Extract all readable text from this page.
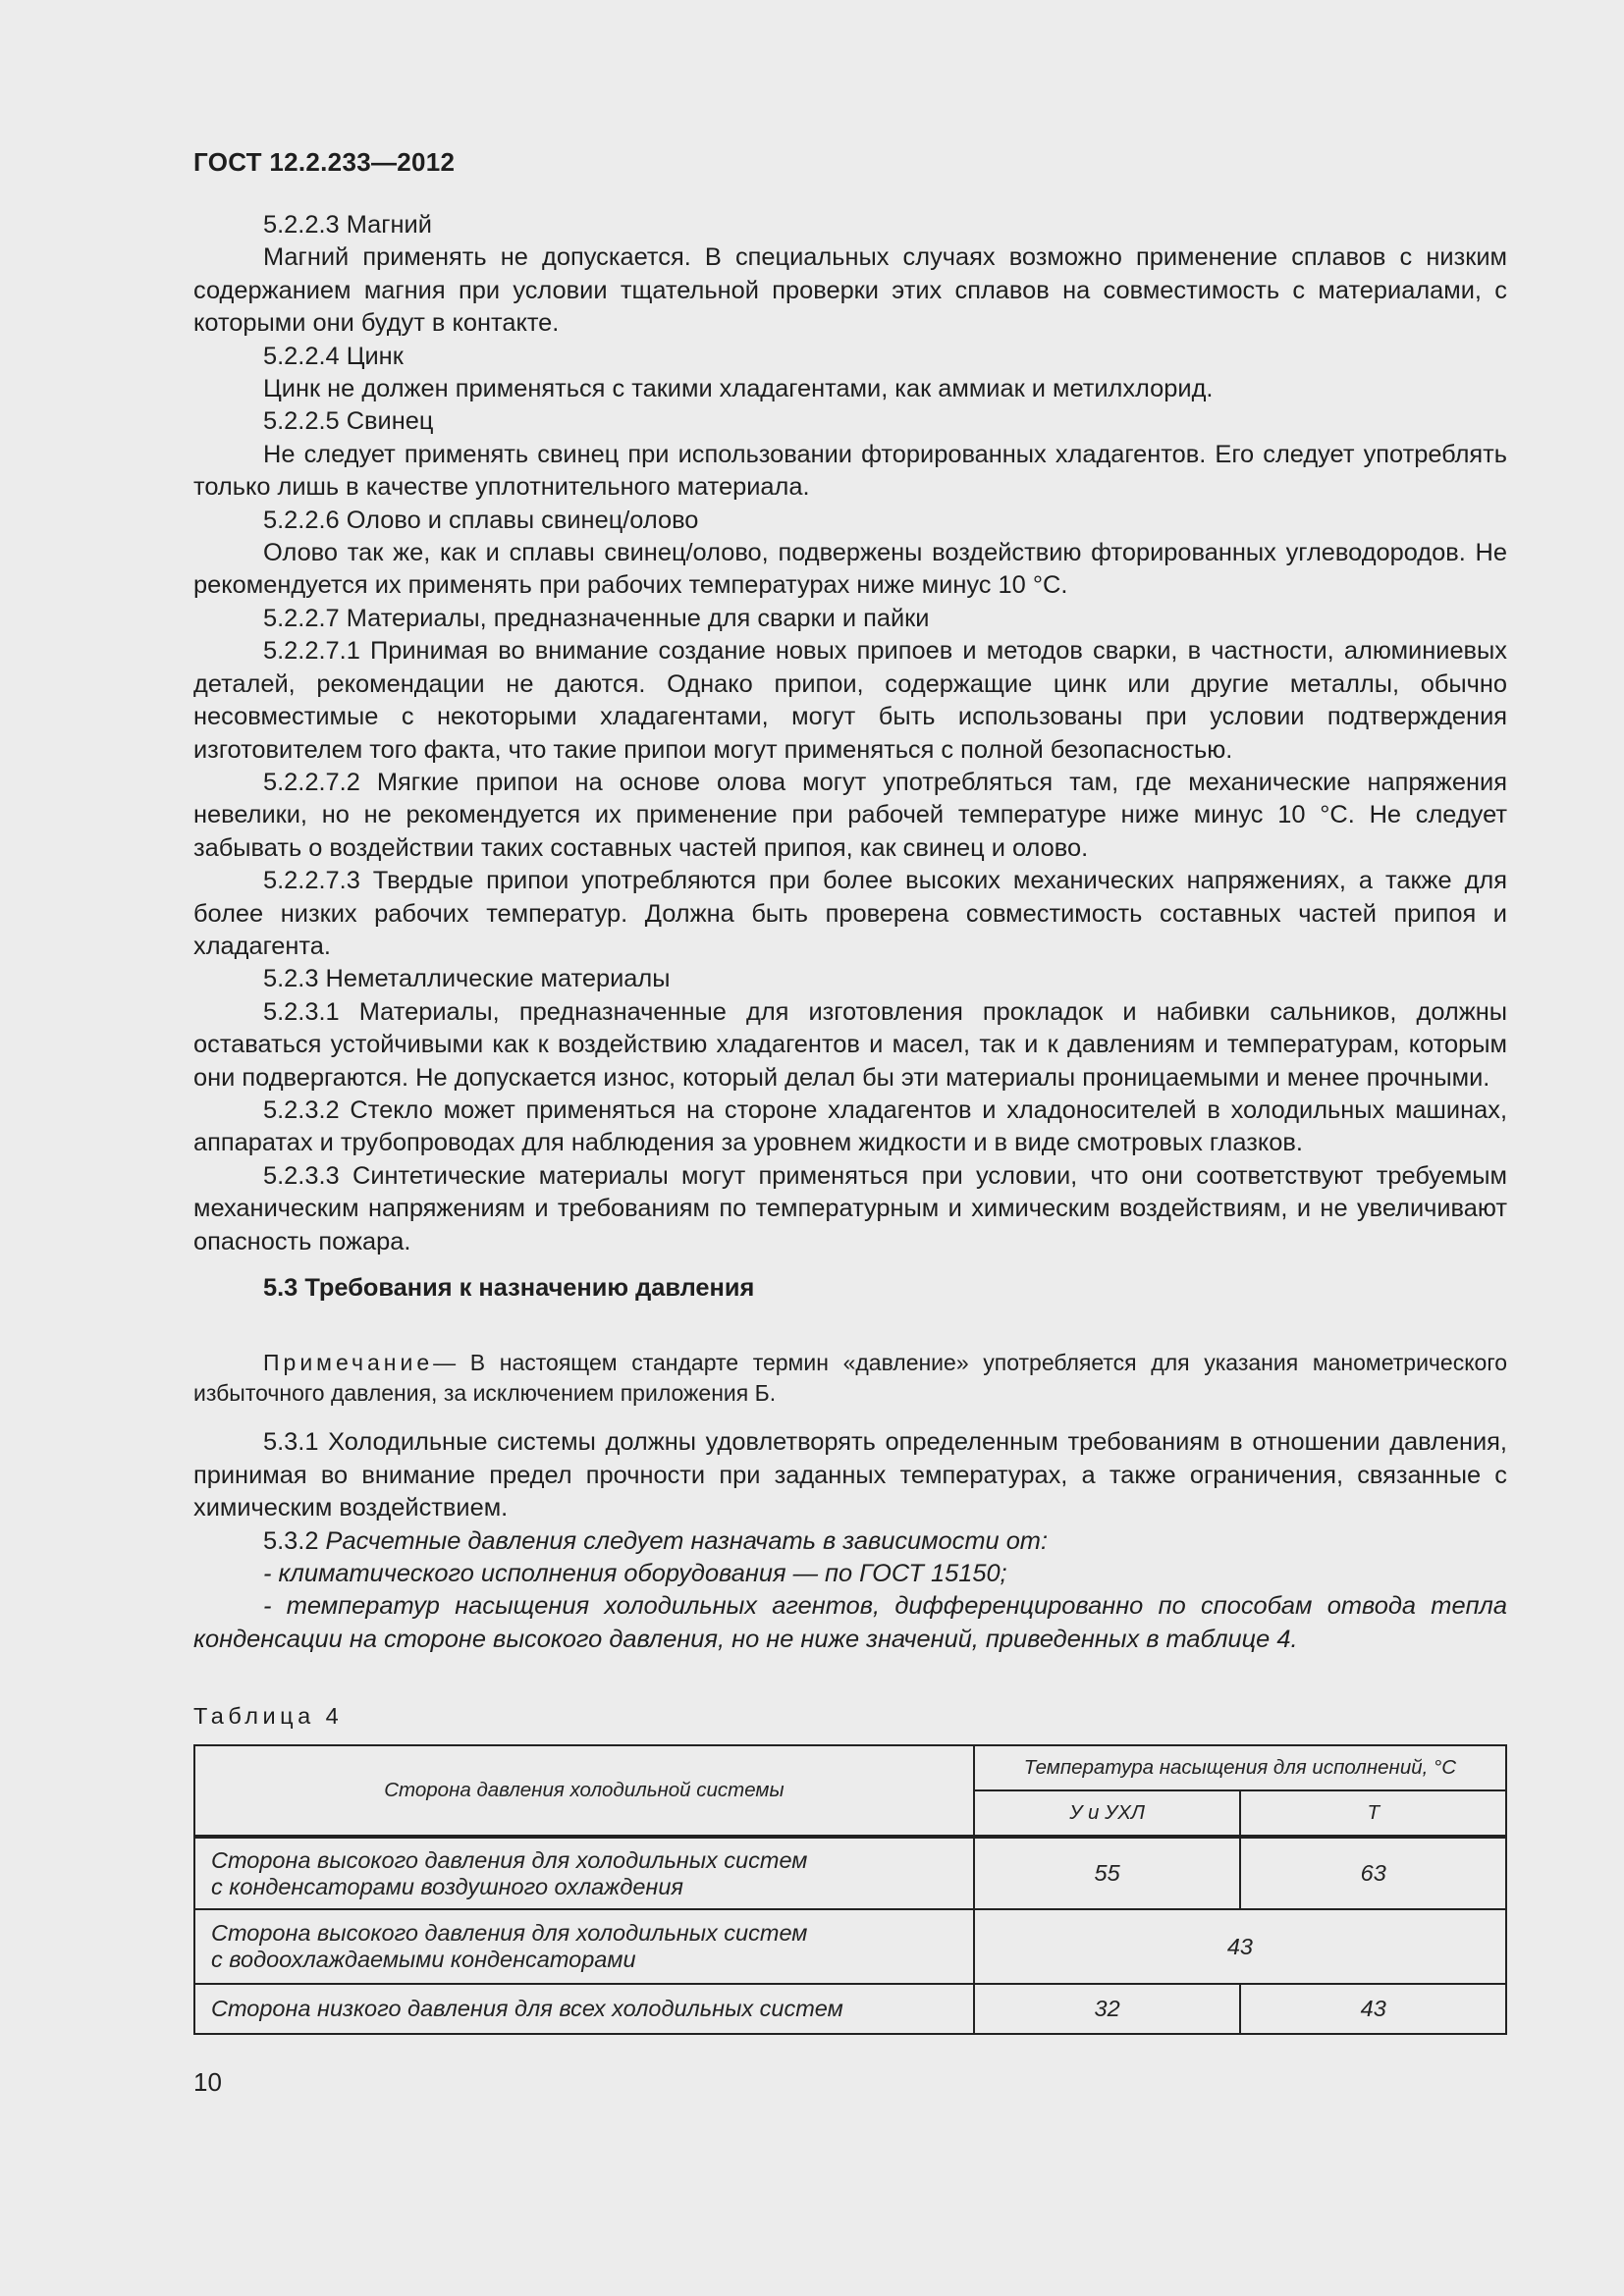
ГОСТ 12.2.233—2012

5.2.2.3 Магний

Магний применять не допускается. В специальных случаях возможно применение сплавов с низким содержанием магния при условии тщательной проверки этих сплавов на совместимость с материалами, с которыми они будут в контакте.

5.2.2.4 Цинк

Цинк не должен применяться с такими хладагентами, как аммиак и метилхлорид.

5.2.2.5 Свинец

Не следует применять свинец при использовании фторированных хладагентов. Его следует употреблять только лишь в качестве уплотнительного материала.

5.2.2.6 Олово и сплавы свинец/олово

Олово так же, как и сплавы свинец/олово, подвержены воздействию фторированных углеводородов. Не рекомендуется их применять при рабочих температурах ниже минус 10 °С.

5.2.2.7 Материалы, предназначенные для сварки и пайки

5.2.2.7.1 Принимая во внимание создание новых припоев и методов сварки, в частности, алюминиевых деталей, рекомендации не даются. Однако припои, содержащие цинк или другие металлы, обычно несовместимые с некоторыми хладагентами, могут быть использованы при условии подтверждения изготовителем того факта, что такие припои могут применяться с полной безопасностью.

5.2.2.7.2 Мягкие припои на основе олова могут употребляться там, где механические напряжения невелики, но не рекомендуется их применение при рабочей температуре ниже минус 10 °С. Не следует забывать о воздействии таких составных частей припоя, как свинец и олово.

5.2.2.7.3 Твердые припои употребляются при более высоких механических напряжениях, а также для более низких рабочих температур. Должна быть проверена совместимость составных частей припоя и хладагента.

5.2.3 Неметаллические материалы

5.2.3.1 Материалы, предназначенные для изготовления прокладок и набивки сальников, должны оставаться устойчивыми как к воздействию хладагентов и масел, так и к давлениям и температурам, которым они подвергаются. Не допускается износ, который делал бы эти материалы проницаемыми и менее прочными.

5.2.3.2 Стекло может применяться на стороне хладагентов и хладоносителей в холодильных машинах, аппаратах и трубопроводах для наблюдения за уровнем жидкости и в виде смотровых глазков.

5.2.3.3 Синтетические материалы могут применяться при условии, что они соответствуют требуемым механическим напряжениям и требованиям по температурным и химическим воздействиям, и не увеличивают опасность пожара.

5.3 Требования к назначению давления

Примечание— В настоящем стандарте термин «давление» употребляется для указания манометрического избыточного давления, за исключением приложения Б.

5.3.1 Холодильные системы должны удовлетворять определенным требованиям в отношении давления, принимая во внимание предел прочности при заданных температурах, а также ограничения, связанные с химическим воздействием.

5.3.2 Расчетные давления следует назначать в зависимости от:

- климатического исполнения оборудования — по ГОСТ 15150;

- температур насыщения холодильных агентов, дифференцированно по способам отвода тепла конденсации на стороне высокого давления, но не ниже значений, приведенных в таблице 4.

Таблица 4
Сторона давления холодильной системы	Температура насыщения для исполнений, °С	
	У и УХЛ	Т
Сторона высокого давления для холодильных систем
с конденсаторами воздушного охлаждения	55	63
Сторона высокого давления для холодильных систем
с водоохлаждаемыми конденсаторами	43	
Сторона низкого давления для всех холодильных систем	32	43
10
